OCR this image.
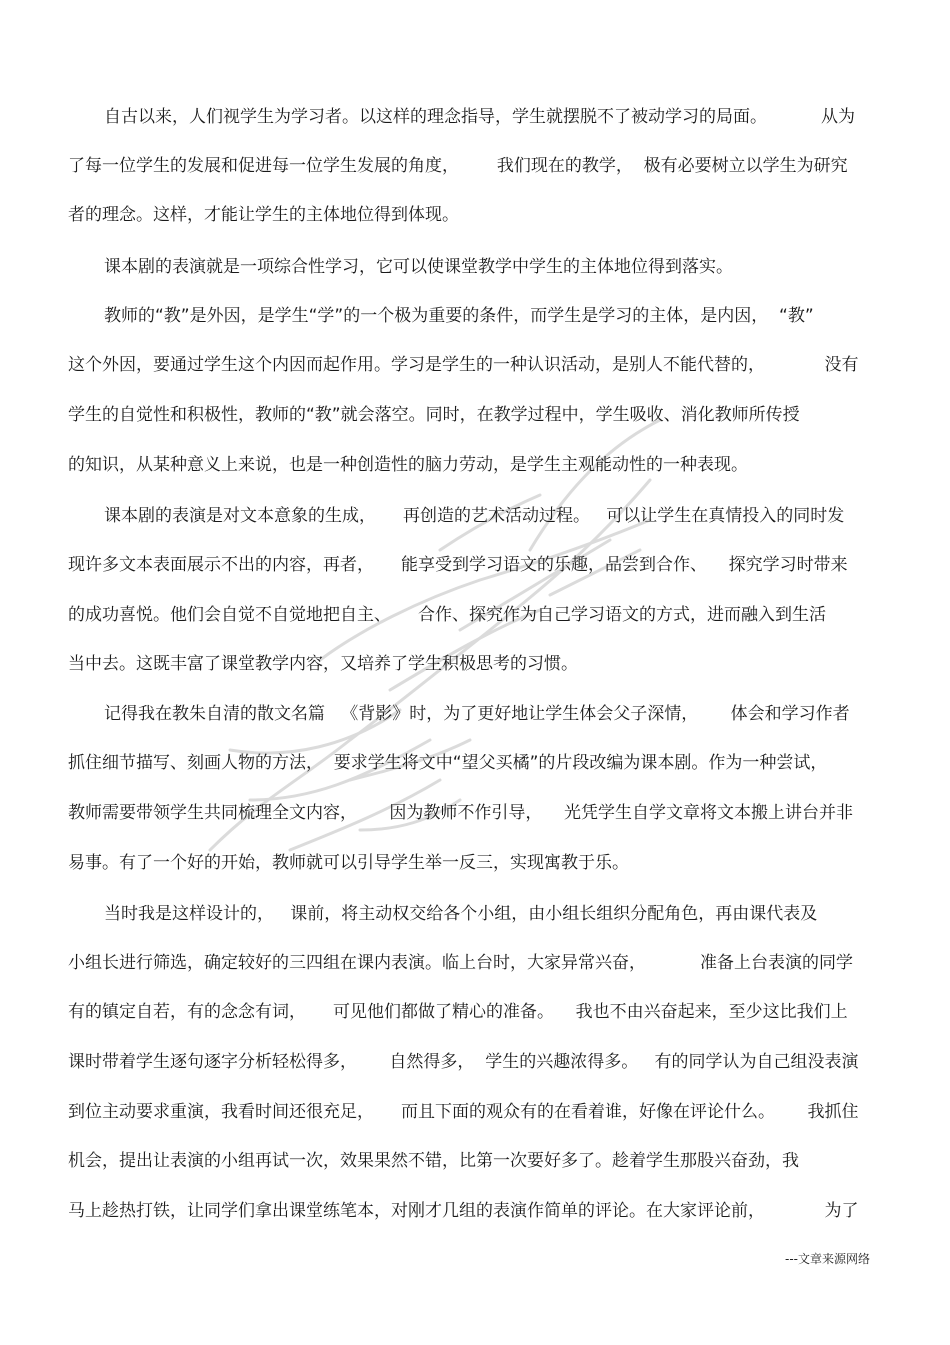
自古以来，人们视学生为学习者。以这样的理念指导，学生就摆脱不了被动学习的局面。          从为
了每一位学生的发展和促进每一位学生发展的角度，       我们现在的教学，  极有必要树立以学生为研究
者的理念。这样，才能让学生的主体地位得到体现。
课本剧的表演就是一项综合性学习，它可以使课堂教学中学生的主体地位得到落实。
教师的“教”是外因，是学生“学”的一个极为重要的条件，而学生是学习的主体，是内因，  “教”
这个外因，要通过学生这个内因而起作用。学习是学生的一种认识活动，是别人不能代替的，           没有
学生的自觉性和积极性，教师的“教”就会落空。同时，在教学过程中，学生吸收、消化教师所传授
的知识，从某种意义上来说，也是一种创造性的脑力劳动，是学生主观能动性的一种表现。
课本剧的表演是对文本意象的生成，     再创造的艺术活动过程。   可以让学生在真情投入的同时发
现许多文本表面展示不出的内容，再者，     能享受到学习语文的乐趣，品尝到合作、    探究学习时带来
的成功喜悦。他们会自觉不自觉地把自主、     合作、探究作为自己学习语文的方式，进而融入到生活
当中去。这既丰富了课堂教学内容，又培养了学生积极思考的习惯。
记得我在教朱自清的散文名篇   《背影》时，为了更好地让学生体会父子深情，      体会和学习作者
抓住细节描写、刻画人物的方法，  要求学生将文中“望父买橘”的片段改编为课本剧。作为一种尝试，
教师需要带领学生共同梳理全文内容，      因为教师不作引导，    光凭学生自学文章将文本搬上讲台并非
易事。有了一个好的开始，教师就可以引导学生举一反三，实现寓教于乐。
当时我是这样设计的，   课前，将主动权交给各个小组，由小组长组织分配角色，再由课代表及
小组长进行筛选，确定较好的三四组在课内表演。临上台时，大家异常兴奋，          准备上台表演的同学
有的镇定自若，有的念念有词，     可见他们都做了精心的准备。    我也不由兴奋起来，至少这比我们上
课时带着学生逐句逐字分析轻松得多，      自然得多，  学生的兴趣浓得多。   有的同学认为自己组没表演
到位主动要求重演，我看时间还很充足，     而且下面的观众有的在看着谁，好像在评论什么。      我抓住
机会，提出让表演的小组再试一次，效果果然不错，比第一次要好多了。趁着学生那股兴奋劲，我
马上趁热打铁，让同学们拿出课堂练笔本，对刚才几组的表演作简单的评论。在大家评论前，           为了
---文章来源网络
